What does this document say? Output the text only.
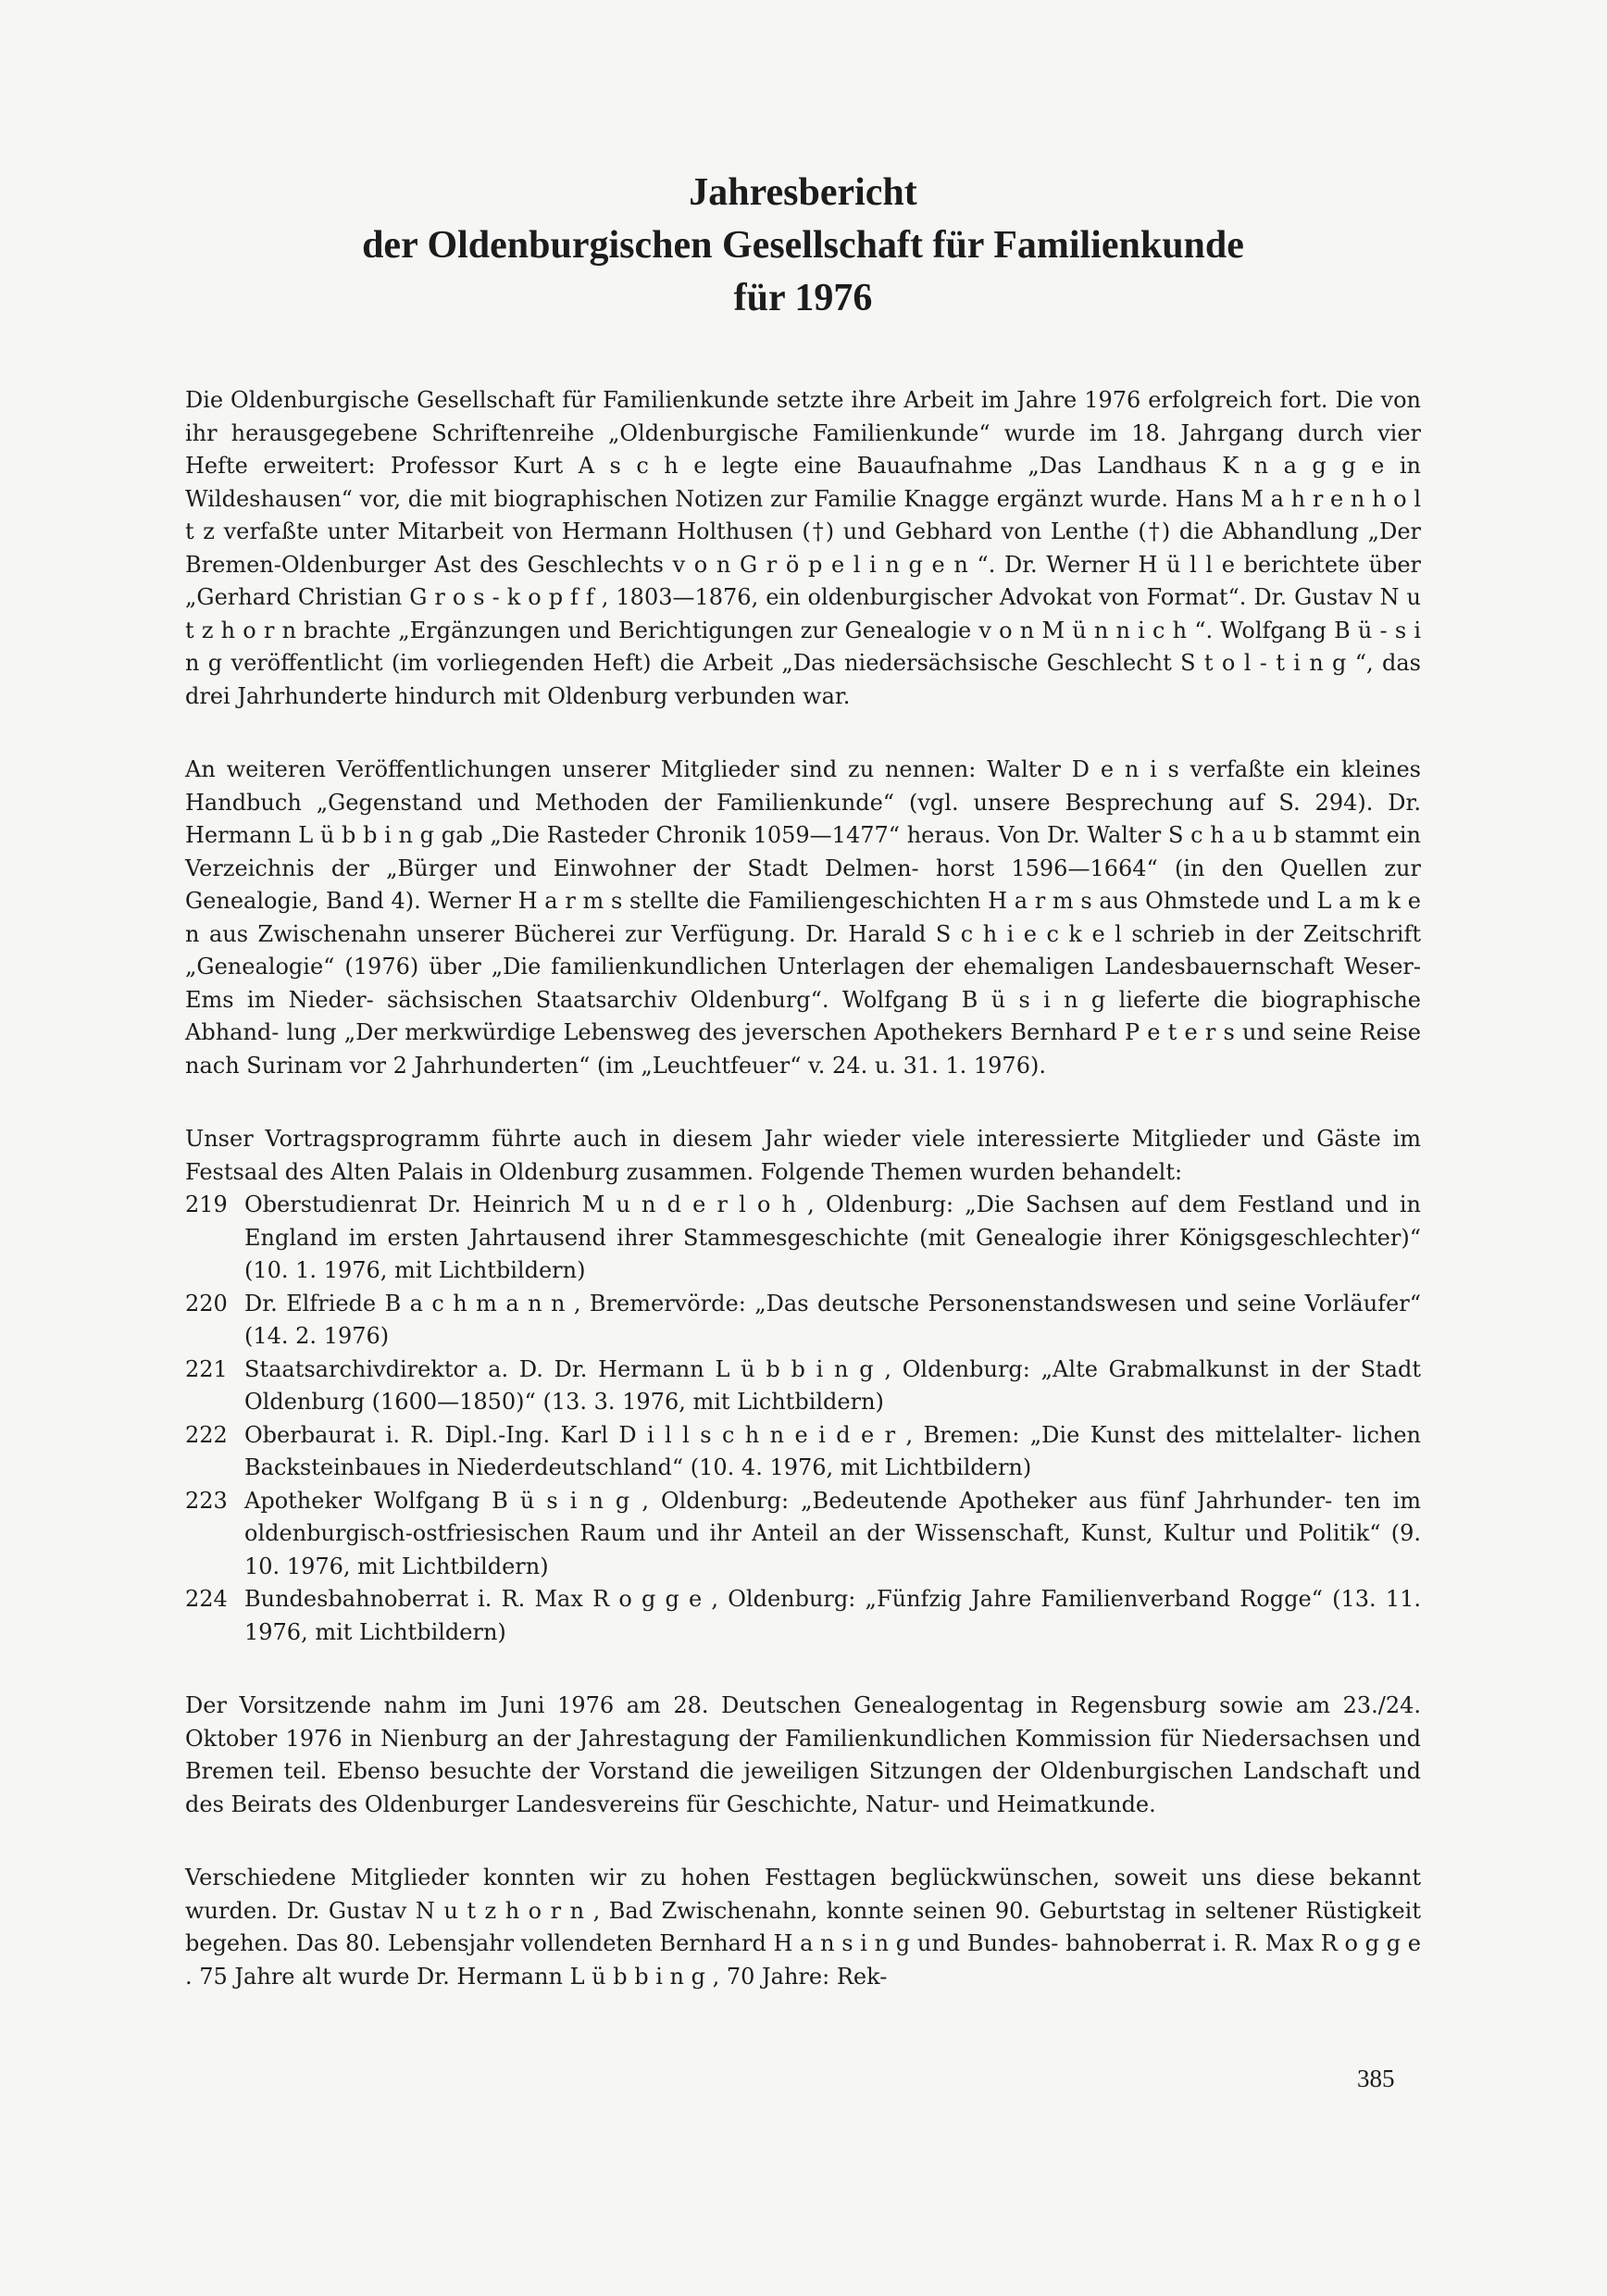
Jahresbericht
der Oldenburgischen Gesellschaft für Familienkunde
für 1976

Die Oldenburgische Gesellschaft für Familienkunde setzte ihre Arbeit im Jahre 1976 erfolgreich fort. Die von ihr herausgegebene Schriftenreihe „Oldenburgische Familienkunde“ wurde im 18. Jahrgang durch vier Hefte erweitert: Professor Kurt A s c h e legte eine Bauaufnahme „Das Landhaus K n a g g e in Wildeshausen“ vor, die mit biographischen Notizen zur Familie Knagge ergänzt wurde. Hans M a h r e n h o l t z verfaßte unter Mitarbeit von Hermann Holthusen (†) und Gebhard von Lenthe (†) die Abhandlung „Der Bremen-Oldenburger Ast des Geschlechts v o n G r ö p e l i n g e n “. Dr. Werner H ü l l e berichtete über „Gerhard Christian G r o s - k o p f f , 1803—1876, ein oldenburgischer Advokat von Format“. Dr. Gustav N u t z h o r n brachte „Ergänzungen und Berichtigungen zur Genealogie v o n M ü n n i c h “. Wolfgang B ü - s i n g veröffentlicht (im vorliegenden Heft) die Arbeit „Das niedersächsische Geschlecht S t o l - t i n g “, das drei Jahrhunderte hindurch mit Oldenburg verbunden war.

An weiteren Veröffentlichungen unserer Mitglieder sind zu nennen: Walter D e n i s verfaßte ein kleines Handbuch „Gegenstand und Methoden der Familienkunde“ (vgl. unsere Besprechung auf S. 294). Dr. Hermann L ü b b i n g gab „Die Rasteder Chronik 1059—1477“ heraus. Von Dr. Walter S c h a u b stammt ein Verzeichnis der „Bürger und Einwohner der Stadt Delmen- horst 1596—1664“ (in den Quellen zur Genealogie, Band 4). Werner H a r m s stellte die Familiengeschichten H a r m s aus Ohmstede und L a m k e n aus Zwischenahn unserer Bücherei zur Verfügung. Dr. Harald S c h i e c k e l schrieb in der Zeitschrift „Genealogie“ (1976) über „Die familienkundlichen Unterlagen der ehemaligen Landesbauernschaft Weser-Ems im Nieder- sächsischen Staatsarchiv Oldenburg“. Wolfgang B ü s i n g lieferte die biographische Abhand- lung „Der merkwürdige Lebensweg des jeverschen Apothekers Bernhard P e t e r s und seine Reise nach Surinam vor 2 Jahrhunderten“ (im „Leuchtfeuer“ v. 24. u. 31. 1. 1976).

Unser Vortragsprogramm führte auch in diesem Jahr wieder viele interessierte Mitglieder und Gäste im Festsaal des Alten Palais in Oldenburg zusammen. Folgende Themen wurden behandelt:

219 Oberstudienrat Dr. Heinrich M u n d e r l o h , Oldenburg: „Die Sachsen auf dem Festland und in England im ersten Jahrtausend ihrer Stammesgeschichte (mit Genealogie ihrer Königsgeschlechter)“ (10. 1. 1976, mit Lichtbildern)
220 Dr. Elfriede B a c h m a n n , Bremervörde: „Das deutsche Personenstandswesen und seine Vorläufer“ (14. 2. 1976)
221 Staatsarchivdirektor a. D. Dr. Hermann L ü b b i n g , Oldenburg: „Alte Grabmalkunst in der Stadt Oldenburg (1600—1850)“ (13. 3. 1976, mit Lichtbildern)
222 Oberbaurat i. R. Dipl.-Ing. Karl D i l l s c h n e i d e r , Bremen: „Die Kunst des mittelalter- lichen Backsteinbaues in Niederdeutschland“ (10. 4. 1976, mit Lichtbildern)
223 Apotheker Wolfgang B ü s i n g , Oldenburg: „Bedeutende Apotheker aus fünf Jahrhunder- ten im oldenburgisch-ostfriesischen Raum und ihr Anteil an der Wissenschaft, Kunst, Kultur und Politik“ (9. 10. 1976, mit Lichtbildern)
224 Bundesbahnoberrat i. R. Max R o g g e , Oldenburg: „Fünfzig Jahre Familienverband Rogge“ (13. 11. 1976, mit Lichtbildern)

Der Vorsitzende nahm im Juni 1976 am 28. Deutschen Genealogentag in Regensburg sowie am 23./24. Oktober 1976 in Nienburg an der Jahrestagung der Familienkundlichen Kommission für Niedersachsen und Bremen teil. Ebenso besuchte der Vorstand die jeweiligen Sitzungen der Oldenburgischen Landschaft und des Beirats des Oldenburger Landesvereins für Geschichte, Natur- und Heimatkunde.

Verschiedene Mitglieder konnten wir zu hohen Festtagen beglückwünschen, soweit uns diese bekannt wurden. Dr. Gustav N u t z h o r n , Bad Zwischenahn, konnte seinen 90. Geburtstag in seltener Rüstigkeit begehen. Das 80. Lebensjahr vollendeten Bernhard H a n s i n g und Bundes- bahnoberrat i. R. Max R o g g e . 75 Jahre alt wurde Dr. Hermann L ü b b i n g , 70 Jahre: Rek-

385
